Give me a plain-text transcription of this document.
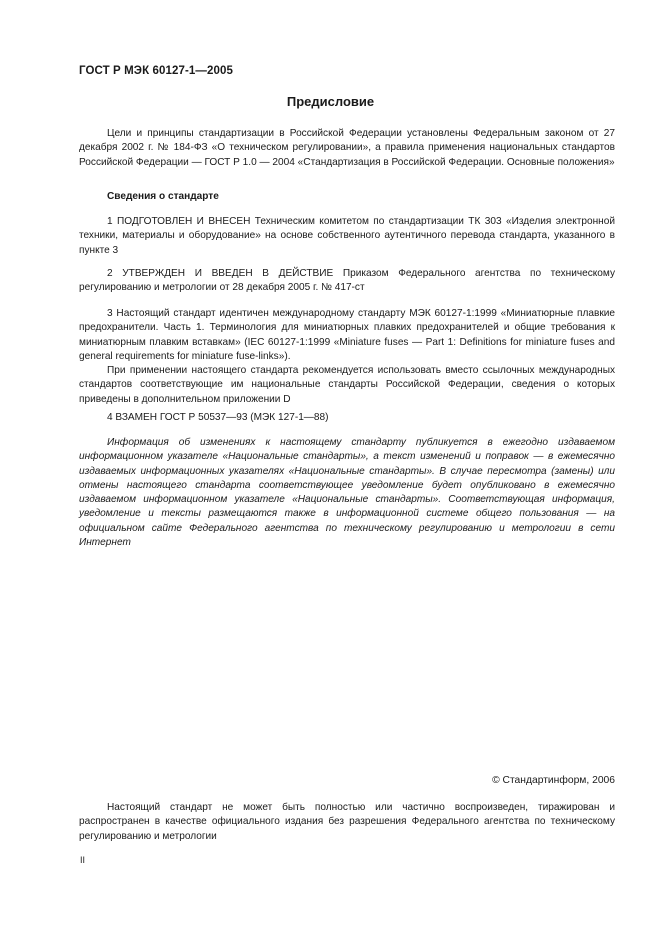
ГОСТ Р МЭК 60127-1—2005
Предисловие

Цели и принципы стандартизации в Российской Федерации установлены Федеральным законом от 27 декабря 2002 г. № 184-ФЗ «О техническом регулировании», а правила применения национальных стандартов Российской Федерации — ГОСТ Р 1.0 — 2004 «Стандартизация в Российской Федерации. Основные положения»

Сведения о стандарте

1 ПОДГОТОВЛЕН И ВНЕСЕН Техническим комитетом по стандартизации ТК 303 «Изделия электронной техники, материалы и оборудование» на основе собственного аутентичного перевода стандарта, указанного в пункте 3

2 УТВЕРЖДЕН И ВВЕДЕН В ДЕЙСТВИЕ Приказом Федерального агентства по техническому регулированию и метрологии от 28 декабря 2005 г. № 417-ст

3 Настоящий стандарт идентичен международному стандарту МЭК 60127-1:1999 «Миниатюрные плавкие предохранители. Часть 1. Терминология для миниатюрных плавких предохранителей и общие требования к миниатюрным плавким вставкам» (IEC 60127-1:1999 «Miniature fuses — Part 1: Definitions for miniature fuses and general requirements for miniature fuse-links»).

При применении настоящего стандарта рекомендуется использовать вместо ссылочных международных стандартов соответствующие им национальные стандарты Российской Федерации, сведения о которых приведены в дополнительном приложении D

4 ВЗАМЕН ГОСТ Р 50537—93 (МЭК 127-1—88)

Информация об изменениях к настоящему стандарту публикуется в ежегодно издаваемом информационном указателе «Национальные стандарты», а текст изменений и поправок — в ежемесячно издаваемых информационных указателях «Национальные стандарты». В случае пересмотра (замены) или отмены настоящего стандарта соответствующее уведомление будет опубликовано в ежемесячно издаваемом информационном указателе «Национальные стандарты». Соответствующая информация, уведомление и тексты размещаются также в информационной системе общего пользования — на официальном сайте Федерального агентства по техническому регулированию и метрологии в сети Интернет

© Стандартинформ, 2006

Настоящий стандарт не может быть полностью или частично воспроизведен, тиражирован и распространен в качестве официального издания без разрешения Федерального агентства по техническому регулированию и метрологии

II
